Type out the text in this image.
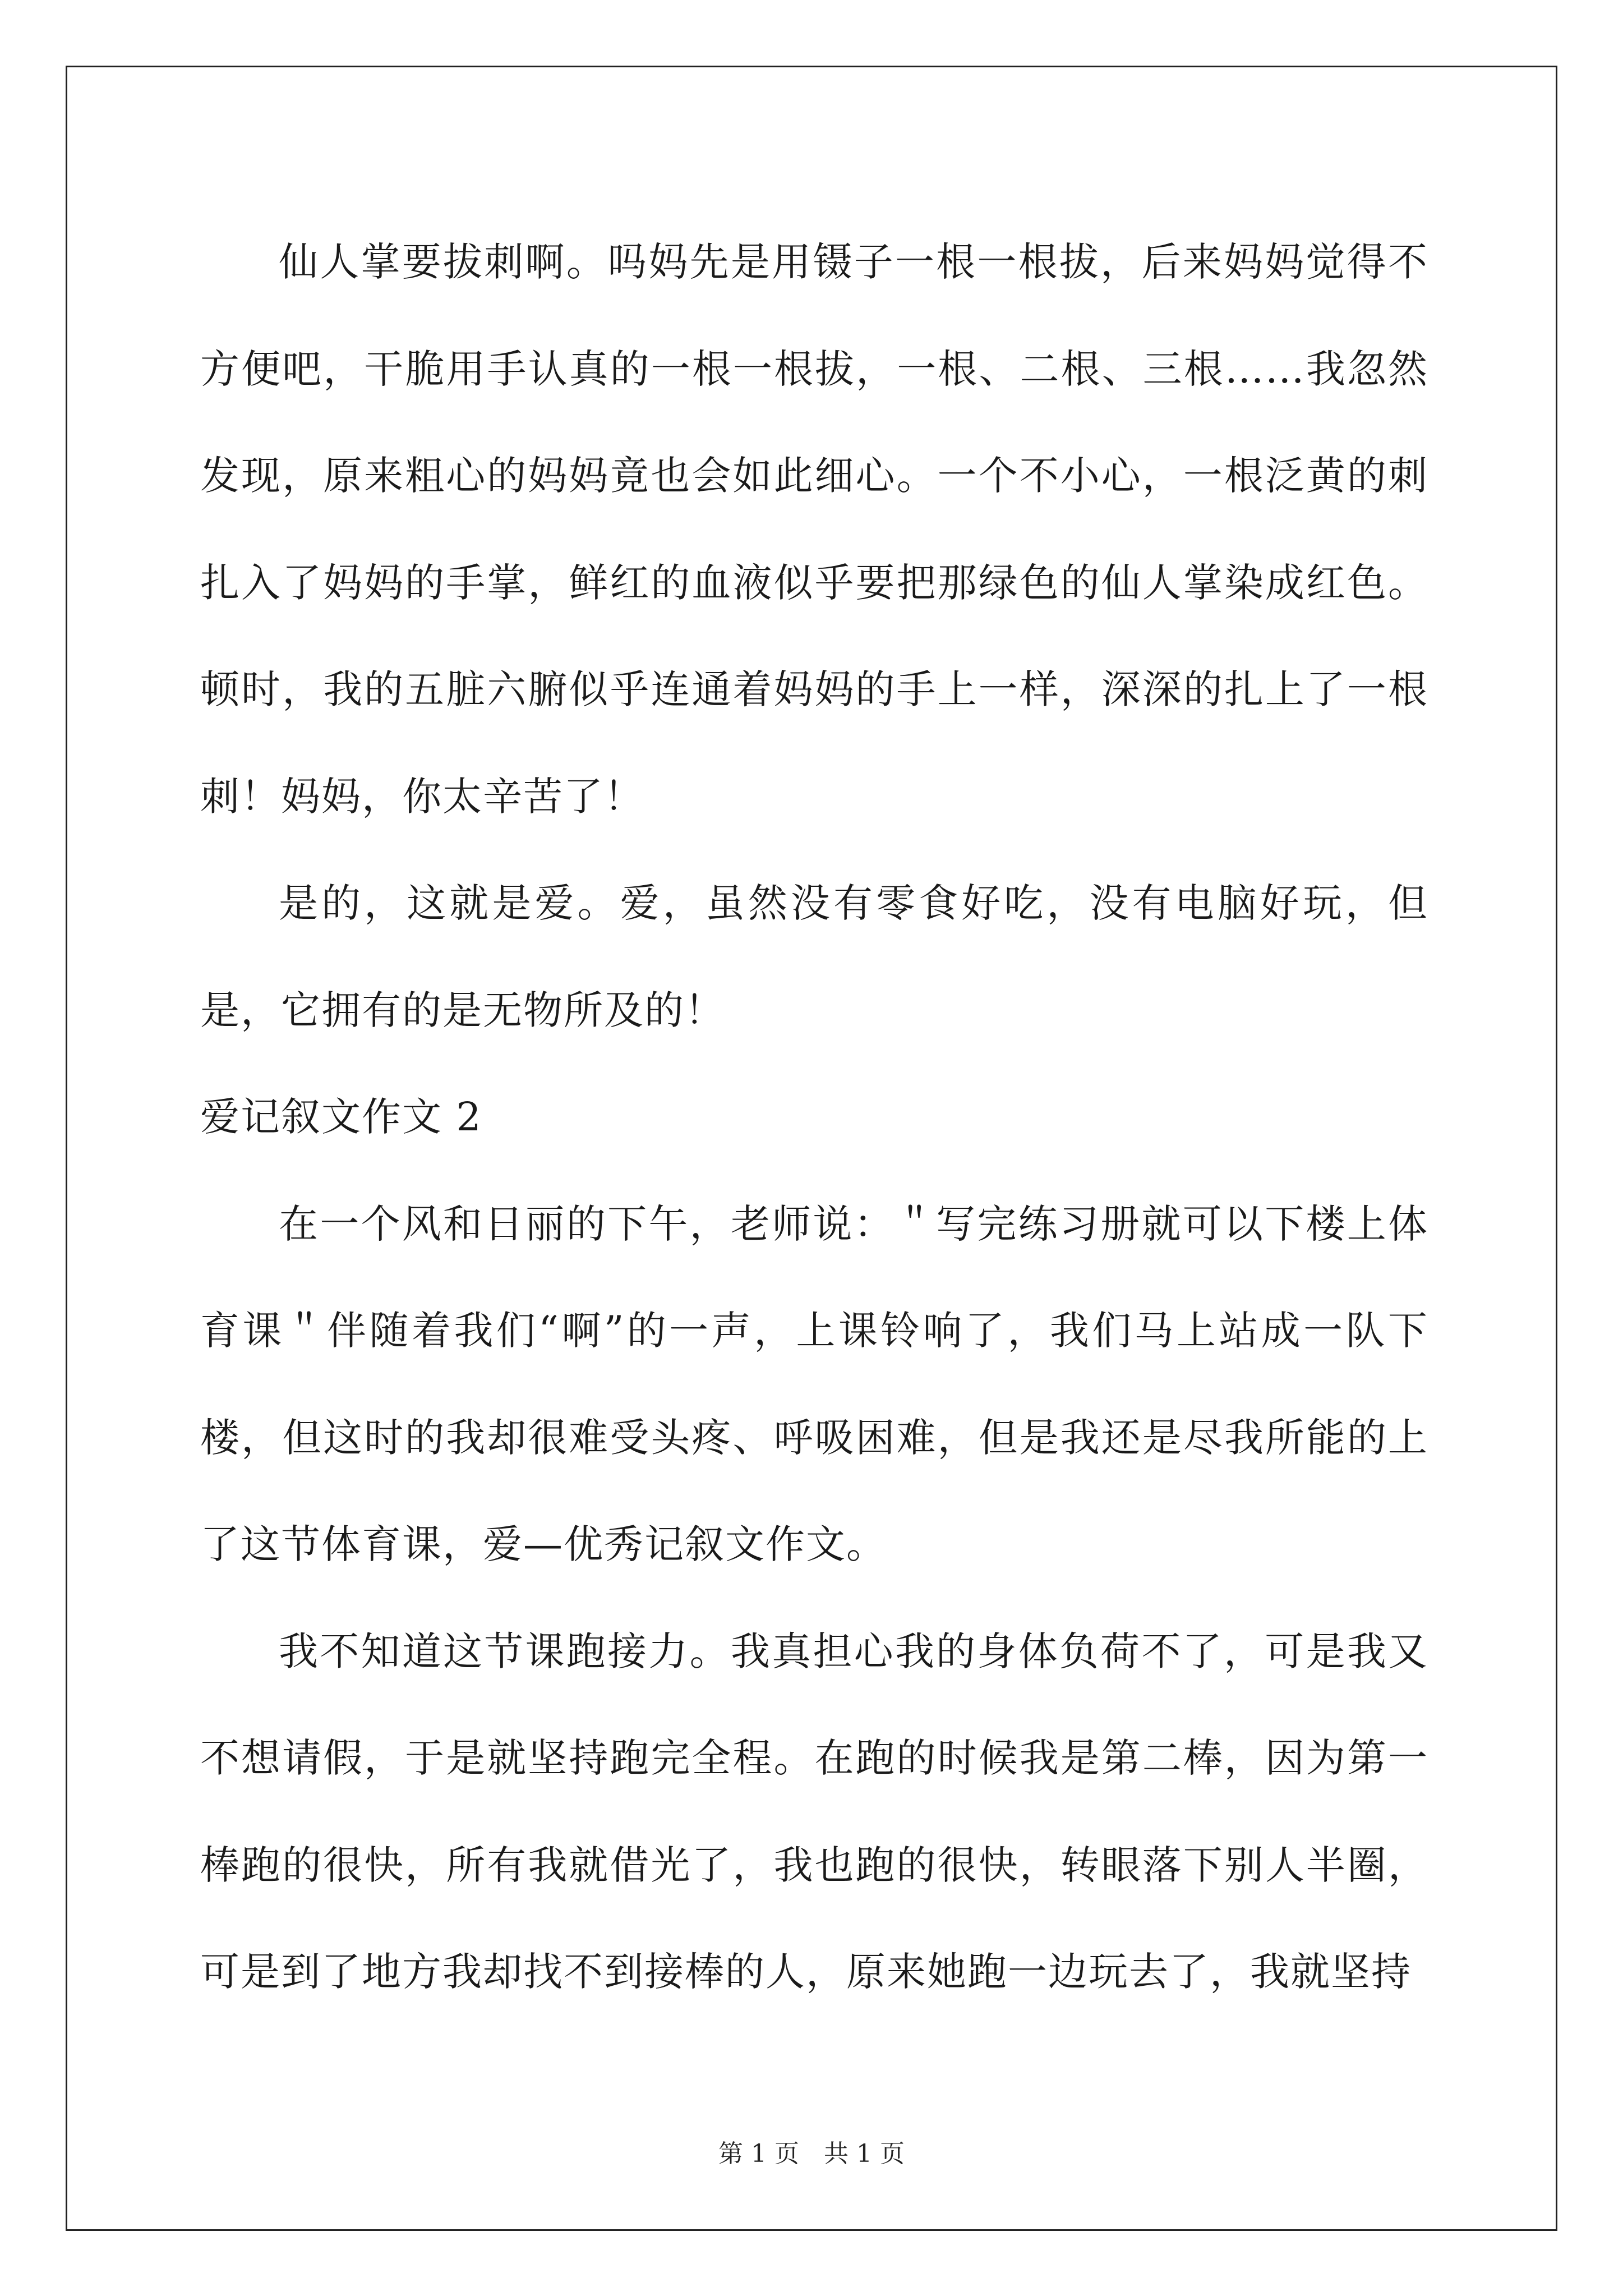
仙人掌要拔刺啊。吗妈先是用镊子一根一根拔，后来妈妈觉得不方便吧，干脆用手认真的一根一根拔，一根、二根、三根……我忽然发现，原来粗心的妈妈竟也会如此细心。一个不小心，一根泛黄的刺扎入了妈妈的手掌，鲜红的血液似乎要把那绿色的仙人掌染成红色。顿时，我的五脏六腑似乎连通着妈妈的手上一样，深深的扎上了一根刺！妈妈，你太辛苦了！

是的，这就是爱。爱，虽然没有零食好吃，没有电脑好玩，但是，它拥有的是无物所及的！

爱记叙文作文 2

在一个风和日丽的下午，老师说：＂写完练习册就可以下楼上体育课＂伴随着我们“啊”的一声，上课铃响了，我们马上站成一队下楼，但这时的我却很难受头疼、呼吸困难，但是我还是尽我所能的上了这节体育课，爱—优秀记叙文作文。

我不知道这节课跑接力。我真担心我的身体负荷不了，可是我又不想请假，于是就坚持跑完全程。在跑的时候我是第二棒，因为第一棒跑的很快，所有我就借光了，我也跑的很快，转眼落下别人半圈，可是到了地方我却找不到接棒的人，原来她跑一边玩去了，我就坚持

第 1 页 共 1 页
